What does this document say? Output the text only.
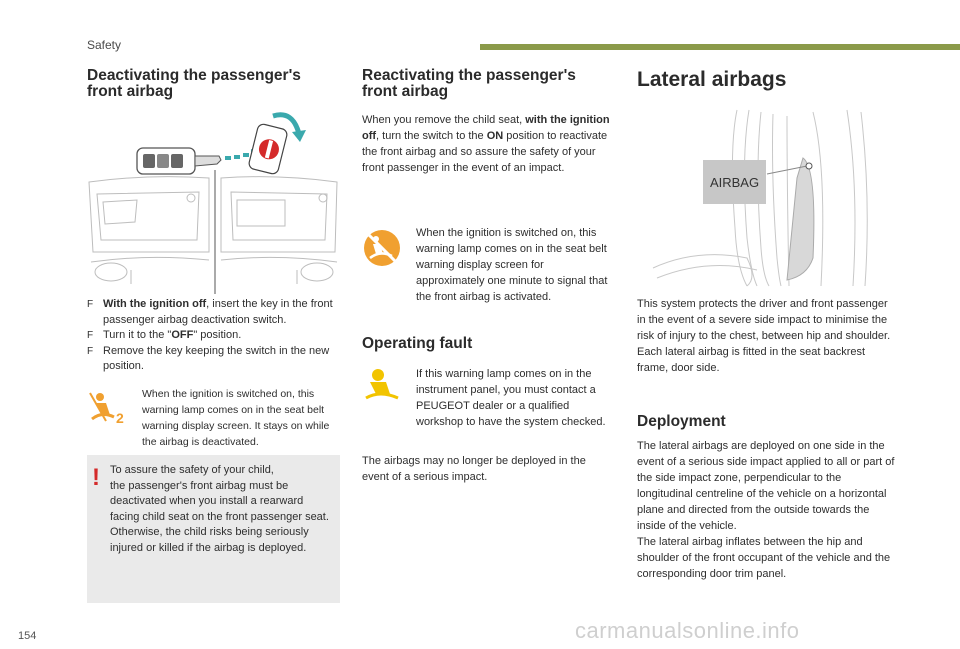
Safety
Deactivating the passenger's
front airbag
F With the ignition off, insert the key in the front passenger airbag deactivation switch.
F Turn it to the "OFF" position.
F Remove the key keeping the switch in the new position.
2
When the ignition is switched on, this warning lamp comes on in the seat belt warning display screen. It stays on while the airbag is deactivated.
! To assure the safety of your child,
the passenger's front airbag must be deactivated when you install a rearward facing child seat on the front passenger seat.
Otherwise, the child risks being seriously injured or killed if the airbag is deployed.
Reactivating the passenger's
front airbag

When you remove the child seat, with the ignition off, turn the switch to the ON position to reactivate the front airbag and so assure the safety of your front passenger in the event of an impact.

When the ignition is switched on, this warning lamp comes on in the seat belt warning display screen for approximately one minute to signal that the front airbag is activated.
Operating fault
If this warning lamp comes on in the instrument panel, you must contact a PEUGEOT dealer or a qualified workshop to have the system checked.

The airbags may no longer be deployed in the event of a serious impact.

Lateral airbags
AIRBAG
This system protects the driver and front passenger in the event of a severe side impact to minimise the risk of injury to the chest, between hip and shoulder.
Each lateral airbag is fitted in the seat backrest frame, door side.
Deployment
The lateral airbags are deployed on one side in the event of a serious side impact applied to all or part of the side impact zone, perpendicular to the longitudinal centreline of the vehicle on a horizontal plane and directed from the outside towards the inside of the vehicle.
The lateral airbag inflates between the hip and shoulder of the front occupant of the vehicle and the corresponding door trim panel.
154	carmanualsonline.info
